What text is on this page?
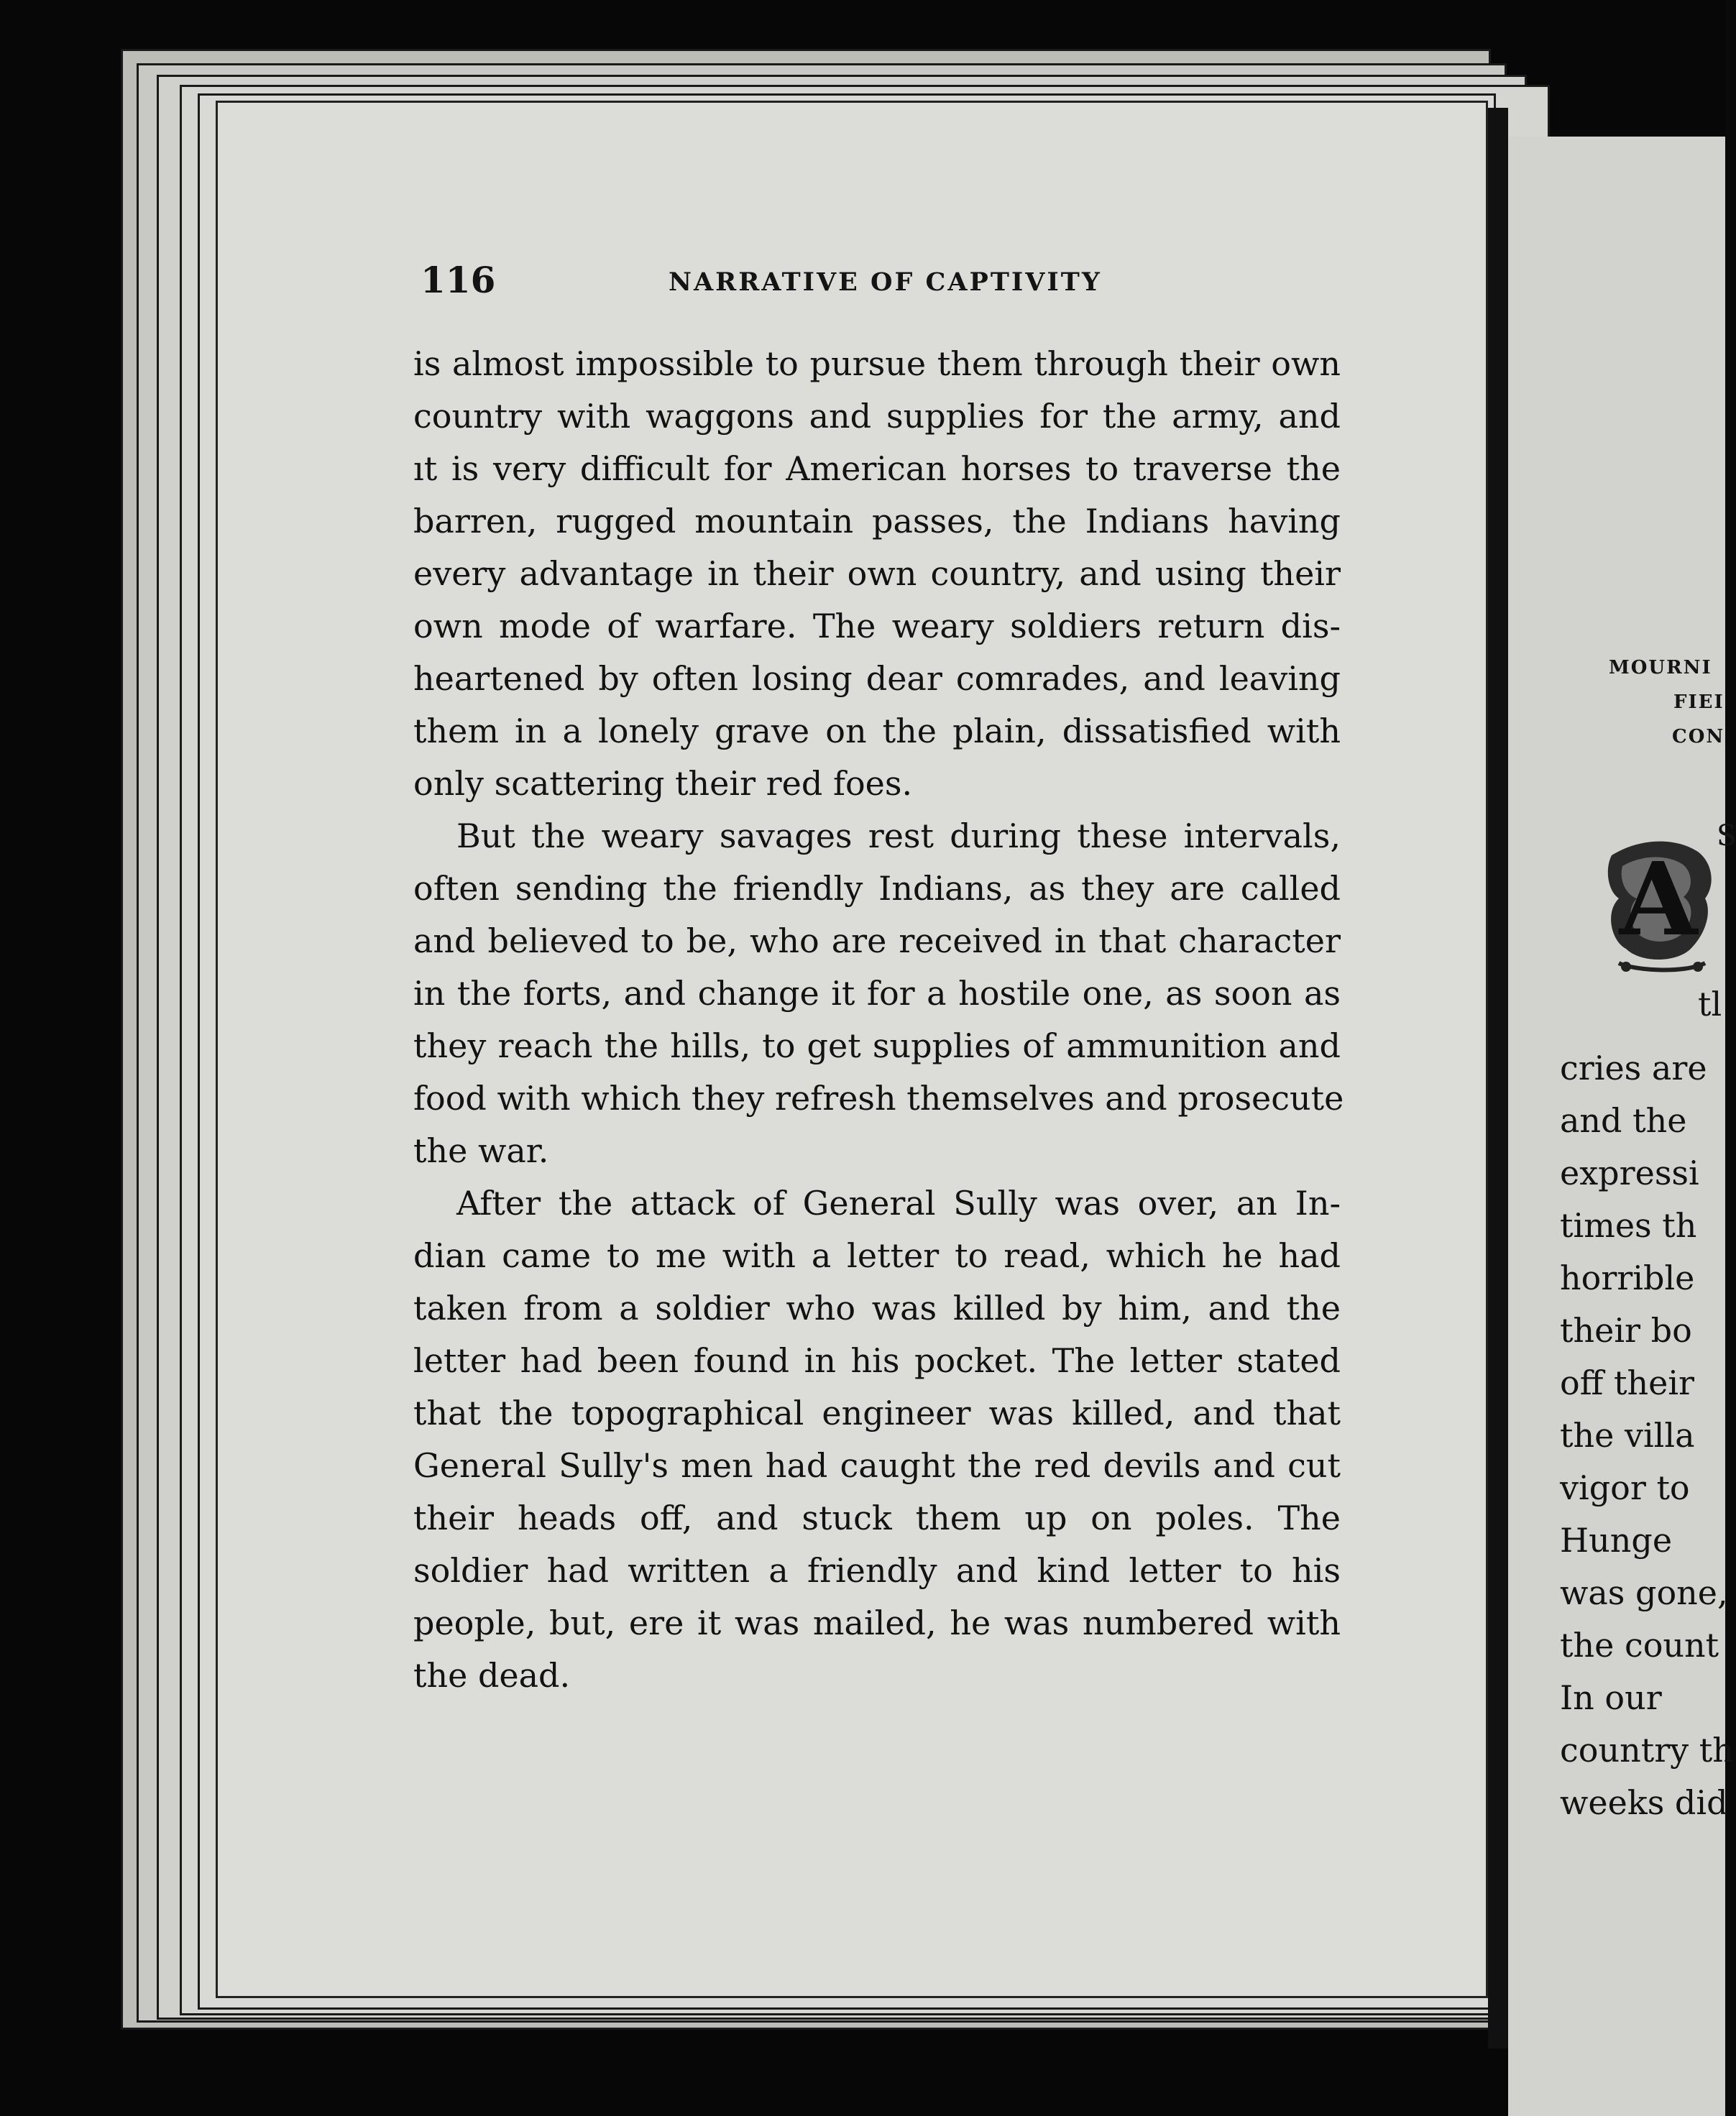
116	NARRATIVE OF CAPTIVITY
is almost impossible to pursue them through their own
country with waggons and supplies for the army, and
ıt is very difficult for American horses to traverse the
barren, rugged mountain passes, the Indians having
every advantage in their own country, and using their
own mode of warfare. The weary soldiers return dis-
heartened by often losing dear comrades, and leaving
them in a lonely grave on the plain, dissatisfied with
only scattering their red foes.
But the weary savages rest during these intervals,
often sending the friendly Indians, as they are called
and believed to be, who are received in that character
in the forts, and change it for a hostile one, as soon as
they reach the hills, to get supplies of ammunition and
food with which they refresh themselves and prosecute
the war.
After the attack of General Sully was over, an In-
dian came to me with a letter to read, which he had
taken from a soldier who was killed by him, and the
letter had been found in his pocket. The letter stated
that the topographical engineer was killed, and that
General Sully's men had caught the red devils and cut
their heads off, and stuck them up on poles. The
soldier had written a friendly and kind letter to his
people, but, ere it was mailed, he was numbered with
the dead.
MOURNI
FIEI
CON
A
S
tl
cries are
and the
expressi
times th
horrible
their bo
off their
the villa
vigor to
Hunge
was gone,
the count
In our
country th
weeks did
